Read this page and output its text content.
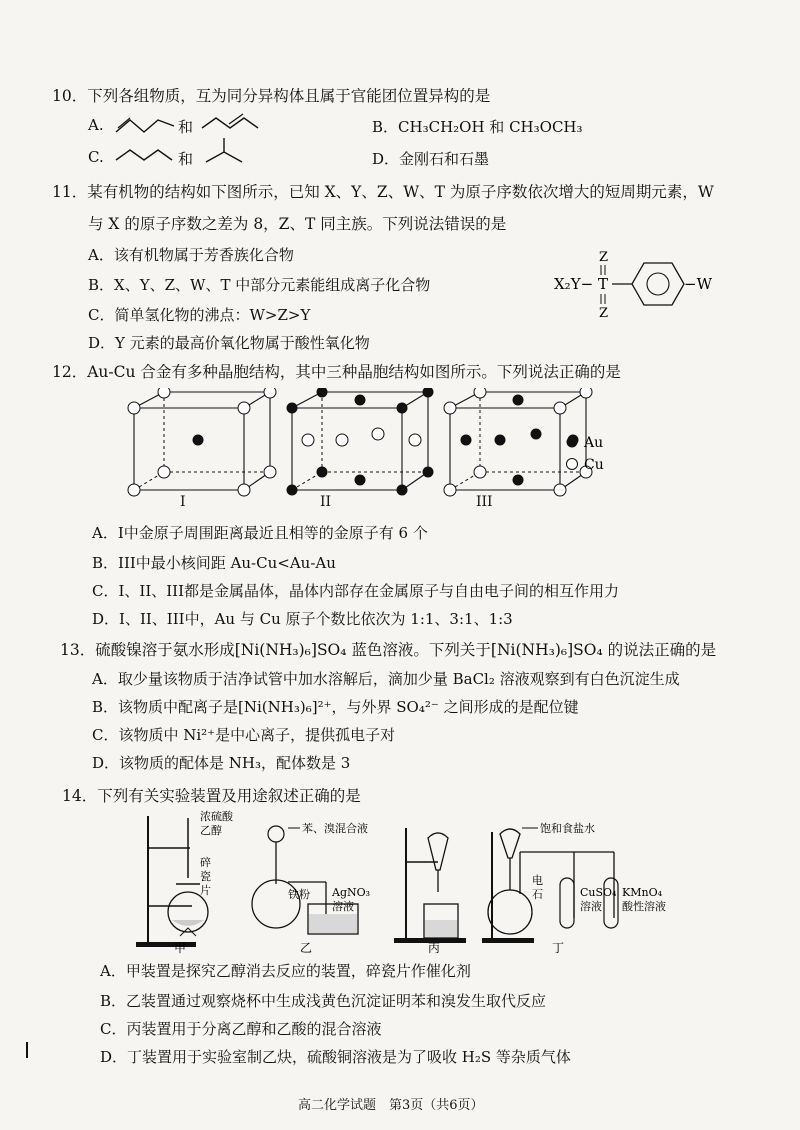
10．下列各组物质，互为同分异构体且属于官能团位置异构的是
A.	和	B．CH₃CH₂OH 和 CH₃OCH₃
C.	和	D．金刚石和石墨
11．某有机物的结构如下图所示，已知 X、Y、Z、W、T 为原子序数依次增大的短周期元素，W
与 X 的原子序数之差为 8，Z、T 同主族。下列说法错误的是
A．该有机物属于芳香族化合物
B．X、Y、Z、W、T 中部分元素能组成离子化合物
C．简单氢化物的沸点：W>Z>Y
D．Y 元素的最高价氧化物属于酸性氧化物
X₂Y− T
Z
Z
−W
12．Au-Cu 合金有多种晶胞结构，其中三种晶胞结构如图所示。下列说法正确的是
Au
Cu
I	II	III
A．I中金原子周围距离最近且相等的金原子有 6 个
B．III中最小核间距 Au-Cu<Au-Au
C．I、II、III都是金属晶体，晶体内部存在金属原子与自由电子间的相互作用力
D．I、II、III中，Au 与 Cu 原子个数比依次为 1:1、3:1、1:3
13．硫酸镍溶于氨水形成[Ni(NH₃)₆]SO₄ 蓝色溶液。下列关于[Ni(NH₃)₆]SO₄ 的说法正确的是
A．取少量该物质于洁净试管中加水溶解后，滴加少量 BaCl₂ 溶液观察到有白色沉淀生成
B．该物质中配离子是[Ni(NH₃)₆]²⁺，与外界 SO₄²⁻ 之间形成的是配位键
C．该物质中 Ni²⁺是中心离子，提供孤电子对
D．该物质的配体是 NH₃，配体数是 3
14．下列有关实验装置及用途叙述正确的是
浓硫酸
乙醇
碎
瓷
片
甲
苯、溴混合液
铁粉 AgNO₃
溶液
乙	丙
饱和食盐水
电
石	CuSO₄
溶液
KMnO₄
酸性溶液
丁
A．甲装置是探究乙醇消去反应的装置，碎瓷片作催化剂
B．乙装置通过观察烧杯中生成浅黄色沉淀证明苯和溴发生取代反应
C．丙装置用于分离乙醇和乙酸的混合溶液
D．丁装置用于实验室制乙炔，硫酸铜溶液是为了吸收 H₂S 等杂质气体
高二化学试题　第3页（共6页）
